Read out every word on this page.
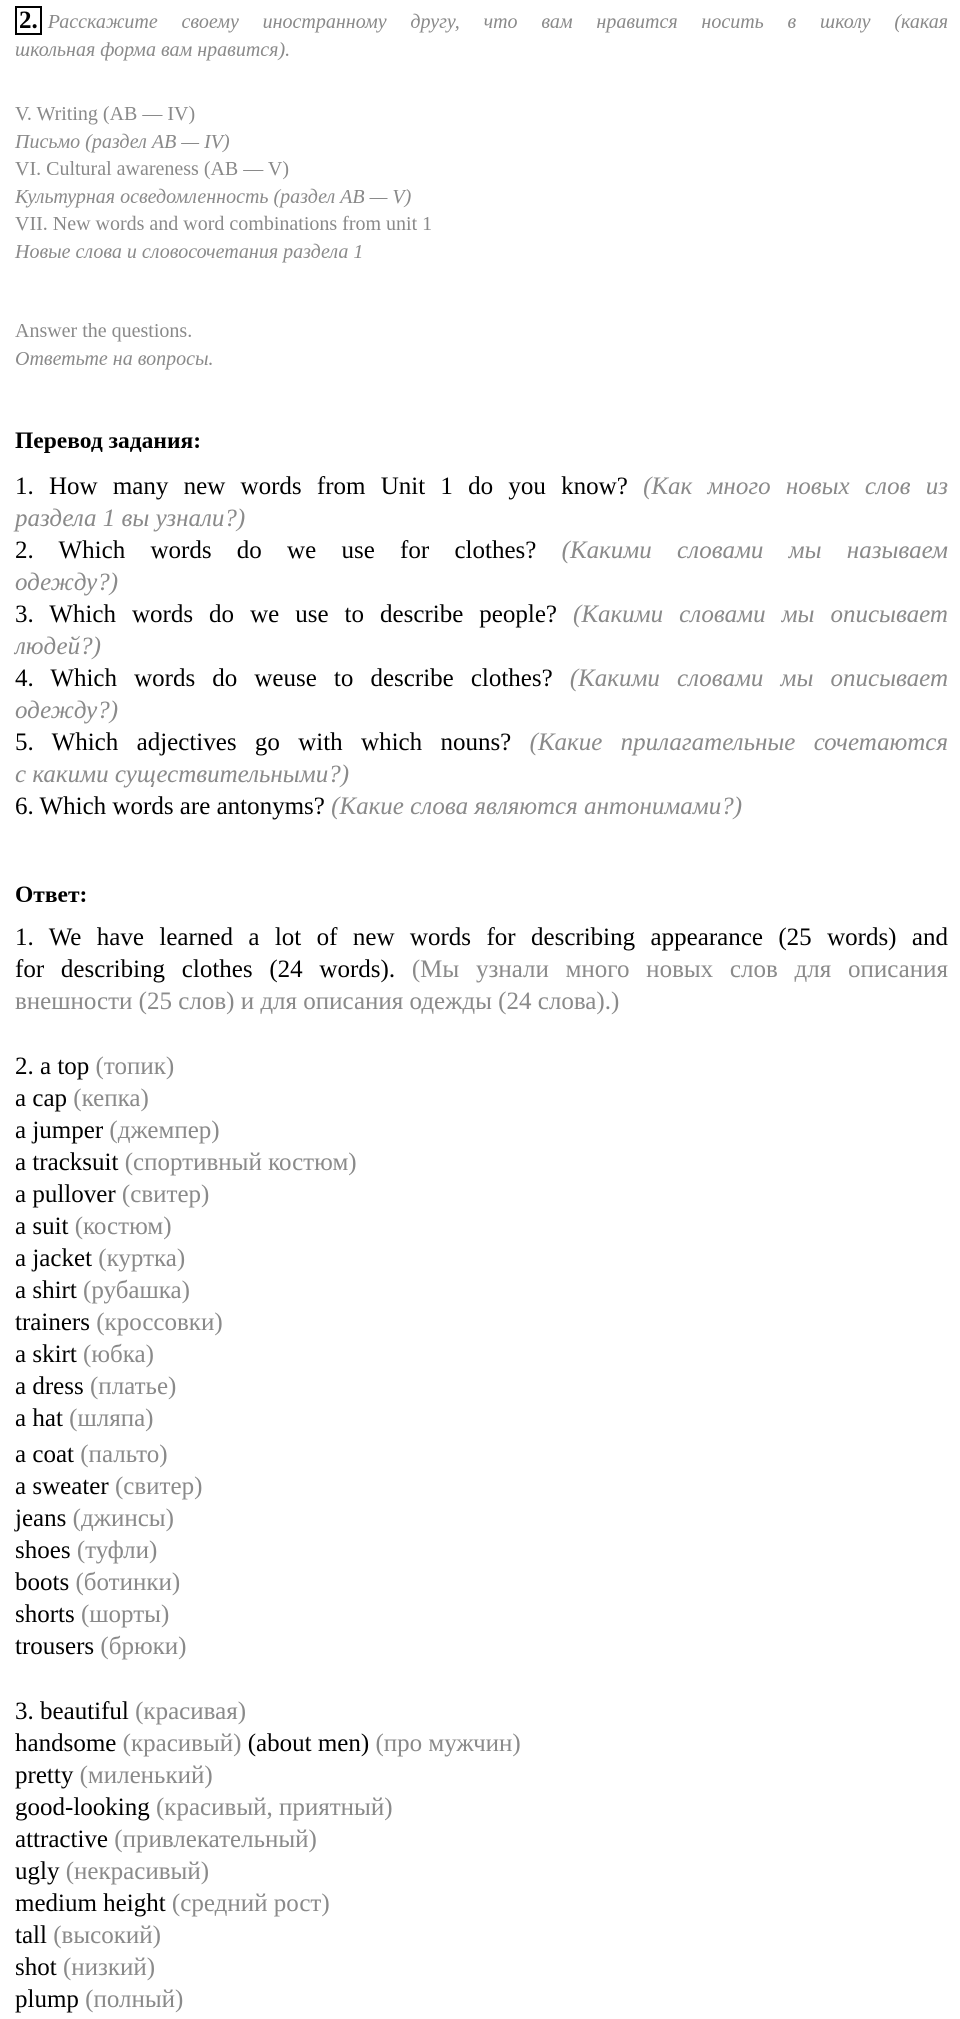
2. Расскажите своему иностранному другу, что вам нравится носить в школу (какая
школьная форма вам нравится).
V. Writing (AB — IV)
Письмо (раздел AB — IV)
VI. Cultural awareness (AB — V)
Культурная осведомленность (раздел AB — V)
VII. New words and word combinations from unit 1
Новые слова и словосочетания раздела 1
Answer the questions.
Ответьте на вопросы.
Перевод задания:
1. How many new words from Unit 1 do you know? (Как много новых слов из
раздела 1 вы узнали?)
2. Which words do we use for clothes? (Какими словами мы называем
одежду?)
3. Which words do we use to describe people? (Какими словами мы описывает
людей?)
4. Which words do weuse to describe clothes? (Какими словами мы описывает
одежду?)
5. Which adjectives go with which nouns? (Какие прилагательные сочетаются
с какими существительными?)
6. Which words are antonyms? (Какие слова являются антонимами?)
Ответ:
1. We have learned a lot of new words for describing appearance (25 words) and
for describing clothes (24 words). (Мы узнали много новых слов для описания
внешности (25 слов) и для описания одежды (24 слова).)
2. a top (топик)
a cap (кепка)
a jumper (джемпер)
a tracksuit (спортивный костюм)
a pullover (свитер)
a suit (костюм)
a jacket (куртка)
a shirt (рубашка)
trainers (кроссовки)
a skirt (юбка)
a dress (платье)
a hat (шляпа)
a coat (пальто)
a sweater (свитер)
jeans (джинсы)
shoes (туфли)
boots (ботинки)
shorts (шорты)
trousers (брюки)
3. beautiful (красивая)
handsome (красивый) (about men) (про мужчин)
pretty (миленький)
good-looking (красивый, приятный)
attractive (привлекательный)
ugly (некрасивый)
medium height (средний рост)
tall (высокий)
shot (низкий)
plump (полный)
